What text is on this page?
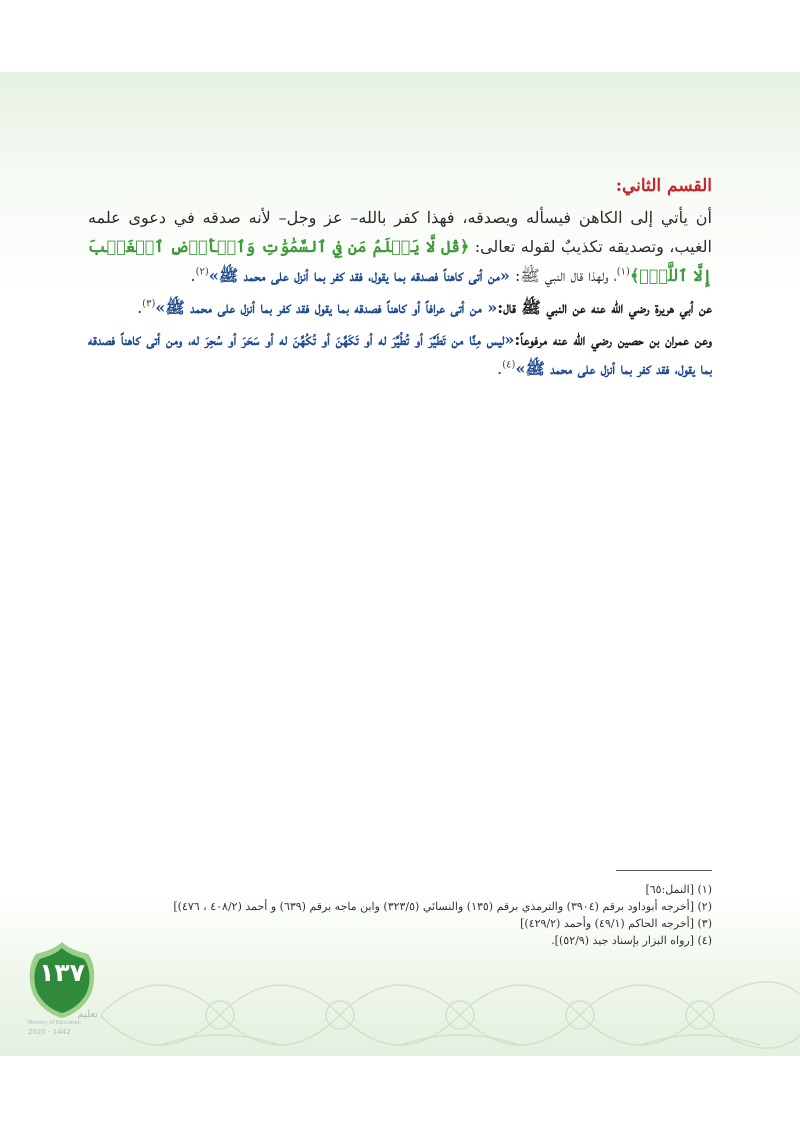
القسم الثاني:

أن يأتي إلى الكاهن فيسأله ويصدقه، فهذا كفر بالله– عز وجل– لأنه صدقه في دعوى علمه الغيب، وتصديقه تكذيبٌ لقوله تعالى: ﴿قُل لَّا يَعۡلَمُ مَن فِي ٱلسَّمَٰوَٰتِ وَٱلۡأَرۡضِ ٱلۡغَيۡبَ إِلَّا ٱللَّهُۚ﴾$^{(١)}$، ولهذا قال النبي ﷺ: «من أتى كاهناً فصدقه بما يقول، فقد كفر بما أنزل على محمد ﷺ»$^{(٢)}$.

عن أبي هريرة رضي الله عنه عن النبي ﷺ قال:« من أتى عرافاً أو كاهناً فصدقه بما يقول فقد كفر بما أنزل على محمد ﷺ»$^{(٣)}$.

وعن عمران بن حصين رضي الله عنه مرفوعاً:«ليس مِنَّا من تَطَيَّرَ أو تُطُيِّرَ له أو تَكَهَّنَ أو تُكُهِّنَ له أو سَحَرَ أو سُحِرَ له، ومن أتى كاهناً فصدقه بما يقول، فقد كفر بما أنزل على محمد ﷺ»$^{(٤)}$.

(١) [النمل:٦٥]

(٢) [أخرجه أبوداود برقم (٣٩٠٤) والترمذي برقم (١٣٥) والنسائي (٣٢٣/٥) وابن ماجه برقم (٦٣٩) و أحمد (٤٠٨/٢ ، ٤٧٦)]

(٣) [أخرجه الحاكم (٤٩/١) وأحمد (٤٢٩/٢)]

(٤) [رواه البزار بإسناد جيد (٥٢/٩)].

١٣٧
تعليم
Ministry of Education
2020 - 1442
